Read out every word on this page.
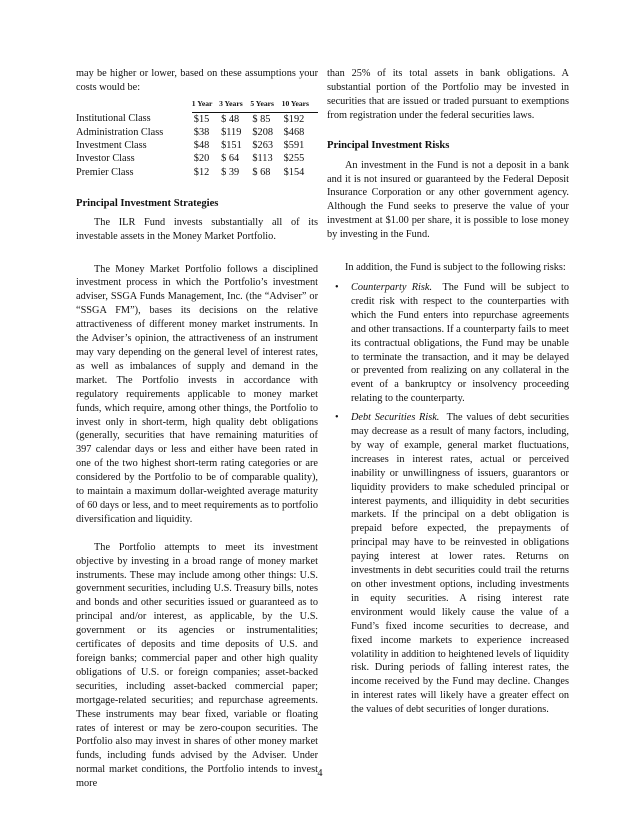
may be higher or lower, based on these assumptions your costs would be:

	1 Year	3 Years	5 Years	10 Years
Institutional Class	$15	$ 48	$ 85	$192
Administration Class	$38	$119	$208	$468
Investment Class	$48	$151	$263	$591
Investor Class	$20	$ 64	$113	$255
Premier Class	$12	$ 39	$ 68	$154
Principal Investment Strategies

The ILR Fund invests substantially all of its investable assets in the Money Market Portfolio.

The Money Market Portfolio follows a disciplined investment process in which the Portfolio’s investment adviser, SSGA Funds Management, Inc. (the “Adviser” or “SSGA FM”), bases its decisions on the relative attractiveness of different money market instruments. In the Adviser’s opinion, the attractiveness of an instrument may vary depending on the general level of interest rates, as well as imbalances of supply and demand in the market. The Portfolio invests in accordance with regulatory requirements applicable to money market funds, which require, among other things, the Portfolio to invest only in short-term, high quality debt obligations (generally, securities that have remaining maturities of 397 calendar days or less and either have been rated in one of the two highest short-term rating categories or are considered by the Portfolio to be of comparable quality), to maintain a maximum dollar-weighted average maturity of 60 days or less, and to meet requirements as to portfolio diversification and liquidity.

The Portfolio attempts to meet its investment objective by investing in a broad range of money market instruments. These may include among other things: U.S. government securities, including U.S. Treasury bills, notes and bonds and other securities issued or guaranteed as to principal and/or interest, as applicable, by the U.S. government or its agencies or instrumentalities; certificates of deposits and time deposits of U.S. and foreign banks; commercial paper and other high quality obligations of U.S. or foreign companies; asset-backed securities, including asset-backed commercial paper; mortgage-related securities; and repurchase agreements. These instruments may bear fixed, variable or floating rates of interest or may be zero-coupon securities. The Portfolio also may invest in shares of other money market funds, including funds advised by the Adviser. Under normal market conditions, the Portfolio intends to invest more

than 25% of its total assets in bank obligations. A substantial portion of the Portfolio may be invested in securities that are issued or traded pursuant to exemptions from registration under the federal securities laws.

Principal Investment Risks

An investment in the Fund is not a deposit in a bank and it is not insured or guaranteed by the Federal Deposit Insurance Corporation or any other government agency. Although the Fund seeks to preserve the value of your investment at $1.00 per share, it is possible to lose money by investing in the Fund.

In addition, the Fund is subject to the following risks:

• Counterparty Risk. The Fund will be subject to credit risk with respect to the counterparties with which the Fund enters into repurchase agreements and other transactions. If a counterparty fails to meet its contractual obligations, the Fund may be unable to terminate the transaction, and it may be delayed or prevented from realizing on any collateral in the event of a bankruptcy or insolvency proceeding relating to the counterparty.
• Debt Securities Risk. The values of debt securities may decrease as a result of many factors, including, by way of example, general market fluctuations, increases in interest rates, actual or perceived inability or unwillingness of issuers, guarantors or liquidity providers to make scheduled principal or interest payments, and illiquidity in debt securities markets. If the principal on a debt obligation is prepaid before expected, the prepayments of principal may have to be reinvested in obligations paying interest at lower rates. Returns on investments in debt securities could trail the returns on other investment options, including investments in equity securities. A rising interest rate environment would likely cause the value of a Fund’s fixed income securities to decrease, and fixed income markets to experience increased volatility in addition to heightened levels of liquidity risk. During periods of falling interest rates, the income received by the Fund may decline. Changes in interest rates will likely have a greater effect on the values of debt securities of longer durations.
4
